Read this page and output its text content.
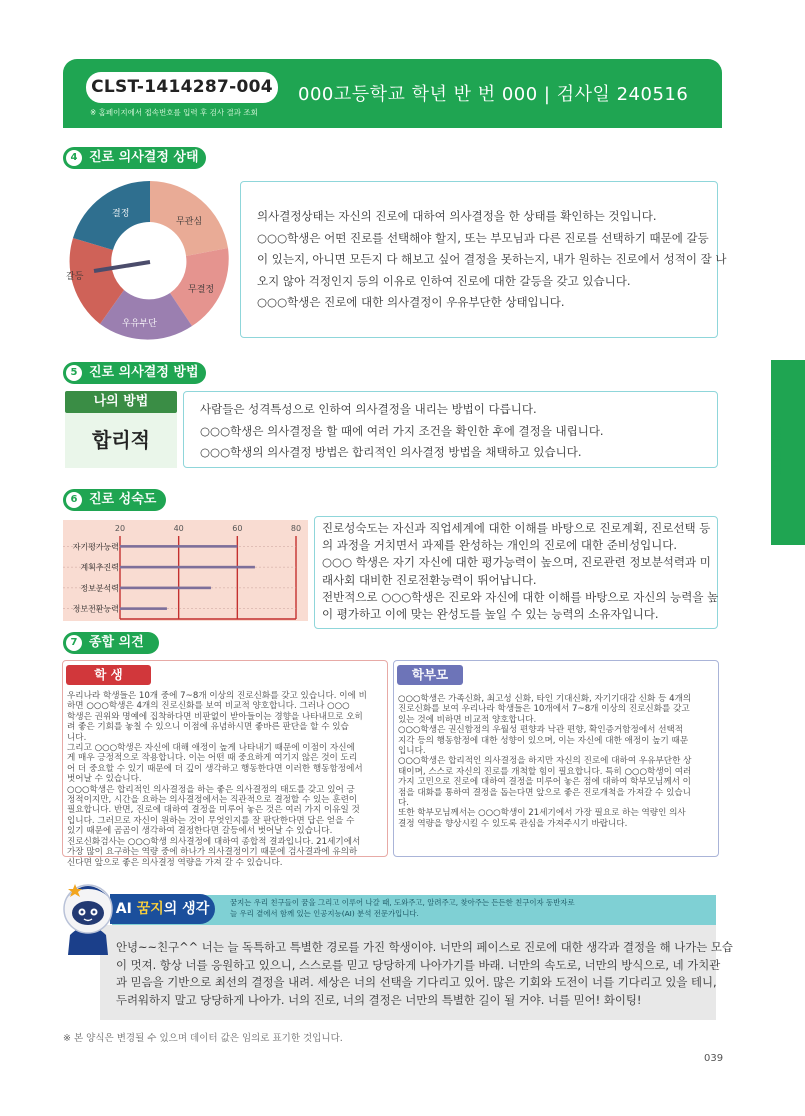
CLST-1414287-004
※ 홈페이지에서 접속번호를 입력 후 검사 결과 조회
000고등학교 학년 반 번 000 | 검사일 240516
진로/직업
4 진로 의사결정 상태
결정
무관심
갈등
무결정
우유부단
의사결정상태는 자신의 진로에 대하여 의사결정을 한 상태를 확인하는 것입니다.
○○○학생은 어떤 진로를 선택해야 할지, 또는 부모님과 다른 진로를 선택하기 때문에 갈등
이 있는지, 아니면 모든지 다 해보고 싶어 결정을 못하는지, 내가 원하는 진로에서 성적이 잘 나
오지 않아 걱정인지 등의 이유로 인하여 진로에 대한 갈등을 갖고 있습니다.
○○○학생은 진로에 대한 의사결정이 우유부단한 상태입니다.
5 진로 의사결정 방법
나의 방법
합리적
사람들은 성격특성으로 인하여 의사결정을 내리는 방법이 다릅니다.
○○○학생은 의사결정을 할 때에 여러 가지 조건을 확인한 후에 결정을 내립니다.
○○○학생의 의사결정 방법은 합리적인 의사결정 방법을 채택하고 있습니다.
6 진로 성숙도
20	40	60	80
자기평가능력
계획추진력
정보분석력
정보전환능력
진로성숙도는 자신과 직업세계에 대한 이해를 바탕으로 진로계획, 진로선택 등
의 과정을 거치면서 과제를 완성하는 개인의 진로에 대한 준비성입니다.
○○○ 학생은 자기 자신에 대한 평가능력이 높으며, 진로관련 정보분석력과 미
래사회 대비한 진로전환능력이 뛰어납니다.
전반적으로 ○○○학생은 진로와 자신에 대한 이해를 바탕으로 자신의 능력을 높
이 평가하고 이에 맞는 완성도를 높일 수 있는 능력의 소유자입니다.
7 종합 의견
학 생
우리나라 학생들은 10개 중에 7~8개 이상의 진로신화를 갖고 있습니다. 이에 비
하면 ○○○학생은 4개의 진로신화를 보여 비교적 양호합니다. 그러나 ○○○
학생은 권위와 명예에 집착하다면 비판없이 받아들이는 경향을 나타내므로 오히
려 좋은 기회를 놓칠 수 있으니 이점에 유념하시면 좋바른 판단을 할 수 있습
니다.
그리고 ○○○학생은 자신에 대해 애정이 높게 나타내기 때문에 이점이 자신에
게 매우 긍정적으로 작용합니다. 이는 어떤 때 중요하게 여기지 않은 것이 도리
어 더 중요할 수 있기 때문에 더 깊이 생각하고 행동한다면 이러한 행동함정에서
벗어날 수 있습니다.
○○○학생은 합리적인 의사결정을 하는 좋은 의사결정의 태도를 갖고 있어 긍
정적이지만, 시간을 요하는 의사결정에서는 직관적으로 결정할 수 있는 훈련이
필요합니다. 반면, 진로에 대하여 결정을 미루어 놓은 것은 여러 가지 이유일 것
입니다. 그러므로 자신이 원하는 것이 무엇인지를 잘 판단한다면 답은 얻을 수
있기 때문에 곰곰이 생각하여 결정한다면 갈등에서 벗어날 수 있습니다.
진로신화검사는 ○○○학생 의사결정에 대하여 종합적 결과입니다. 21세기에서
가장 많이 요구하는 역량 중에 하나가 의사결정이기 때문에 검사결과에 유의하
신다면 앞으로 좋은 의사결정 역량을 가져 갈 수 있습니다.
학부모
○○○학생은 가족신화, 최고성 신화, 타인 기대신화, 자기기대감 신화 등 4개의
진로신화를 보여 우리나라 학생들은 10개에서 7~8개 이상의 진로신화를 갖고
있는 것에 비하면 비교적 양호합니다.
○○○학생은 권신함정의 우월성 편향과 낙관 편향, 확인증거함정에서 선택적
지각 등의 행동함정에 대한 성향이 있으며, 이는 자신에 대한 애정이 높기 때문
입니다.
○○○학생은 합리적인 의사결정을 하지만 자신의 진로에 대하여 우유부단한 상
태이며, 스스로 자신의 진로를 개척할 힘이 필요합니다. 특히 ○○○학생이 여러
가지 고민으로 진로에 대하여 결정을 미루어 놓은 점에 대하여 학부모님께서 이
점을 대화를 통하여 결정을 돕는다면 앞으로 좋은 진로개척을 가져갈 수 있습니
다.
또한 학부모님께서는 ○○○학생이 21세기에서 가장 필요로 하는 역량인 의사
결정 역량을 향상시킬 수 있도록 관심을 가져주시기 바랍니다.
안녕~~친구^^ 너는 늘 독특하고 특별한 경로를 가진 학생이야. 너만의 페이스로 진로에 대한 생각과 결정을 해 나가는 모습
이 멋져. 항상 너를 응원하고 있으니, 스스로를 믿고 당당하게 나아가기를 바래. 너만의 속도로, 너만의 방식으로, 네 가치관
과 믿음을 기반으로 최선의 결정을 내려. 세상은 너의 선택을 기다리고 있어. 많은 기회와 도전이 너를 기다리고 있을 테니,
두려워하지 말고 당당하게 나아가. 너의 진로, 너의 결정은 너만의 특별한 길이 될 거야. 너를 믿어! 화이팅!
AI 꿈지의 생각	꿈지는 우리 친구들이 꿈을 그리고 이루어 나갈 때, 도와주고, 알려주고, 찾아주는 든든한 친구이자 동반자로
늘 우리 곁에서 함께 있는 인공지능(AI) 분석 전문가입니다.
※ 본 양식은 변경될 수 있으며 데이터 값은 임의로 표기한 것입니다.
039
